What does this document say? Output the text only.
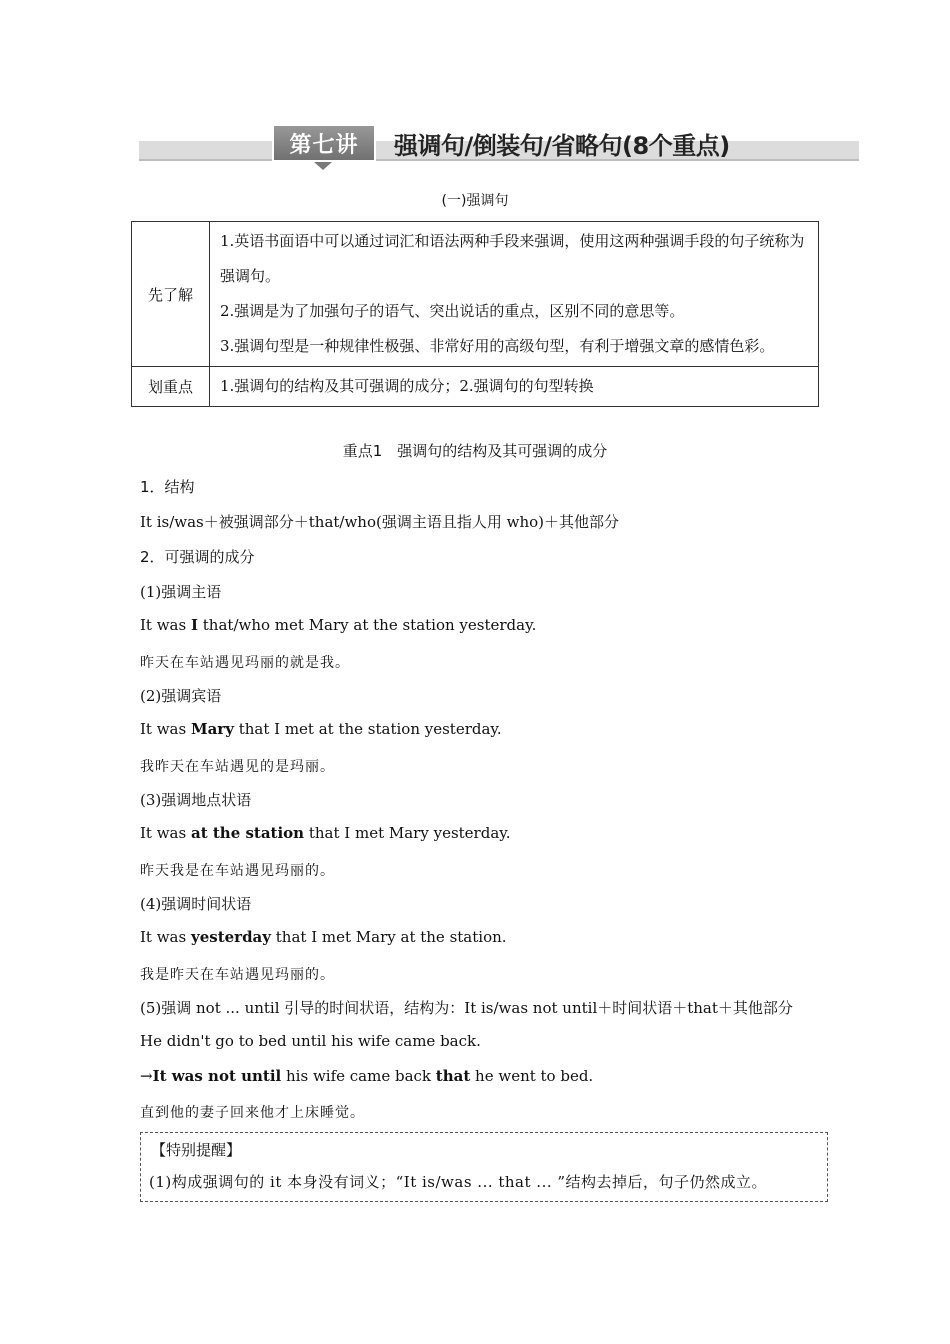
第七讲	强调句/倒装句/省略句(8个重点)
(一)强调句
先了解	1.英语书面语中可以通过词汇和语法两种手段来强调，使用这两种强调手段的句子统称为强调句。
2.强调是为了加强句子的语气、突出说话的重点，区别不同的意思等。
3.强调句型是一种规律性极强、非常好用的高级句型，有利于增强文章的感情色彩。

划重点	1.强调句的结构及其可强调的成分；2.强调句的句型转换
重点1　强调句的结构及其可强调的成分
1．结构
It is/was＋被强调部分＋that/who(强调主语且指人用 who)＋其他部分
2．可强调的成分
(1)强调主语
It was I that/who met Mary at the station yesterday.
昨天在车站遇见玛丽的就是我。
(2)强调宾语
It was Mary that I met at the station yesterday.
我昨天在车站遇见的是玛丽。
(3)强调地点状语
It was at the station that I met Mary yesterday.
昨天我是在车站遇见玛丽的。
(4)强调时间状语
It was yesterday that I met Mary at the station.
我是昨天在车站遇见玛丽的。
(5)强调 not ... until 引导的时间状语，结构为：It is/was not until＋时间状语＋that＋其他部分
He didn't go to bed until his wife came back.
→It was not until his wife came back that he went to bed.
直到他的妻子回来他才上床睡觉。
【特别提醒】
(1)构成强调句的 it 本身没有词义；“It is/was ... that ... ”结构去掉后，句子仍然成立。
